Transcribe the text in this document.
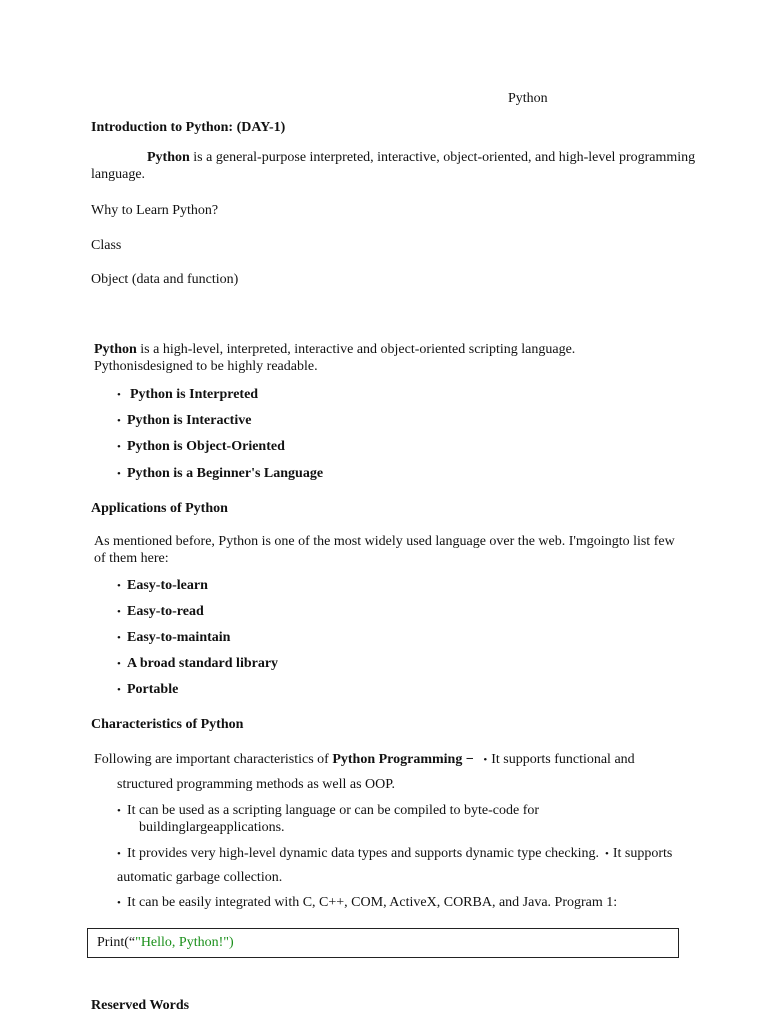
Python
Introduction to Python: (DAY-1)
Python is a general-purpose interpreted, interactive, object-oriented, and high-level programming language.
Why to Learn Python?
Class
Object (data and function)
Python is a high-level, interpreted, interactive and object-oriented scripting language.
Pythonisdesigned to be highly readable.
• Python is Interpreted
• Python is Interactive
• Python is Object-Oriented
• Python is a Beginner's Language
Applications of Python
As mentioned before, Python is one of the most widely used language over the web. I'mgoingto list few
of them here:
• Easy-to-learn
• Easy-to-read
• Easy-to-maintain
• A broad standard library
• Portable
Characteristics of Python
Following are important characteristics of Python Programming − • It supports functional and
structured programming methods as well as OOP.
• It can be used as a scripting language or can be compiled to byte-code for
buildinglargeapplications.
• It provides very high-level dynamic data types and supports dynamic type checking. • It supports
automatic garbage collection.
• It can be easily integrated with C, C++, COM, ActiveX, CORBA, and Java. Program 1:
Print(“"Hello, Python!")
Reserved Words
